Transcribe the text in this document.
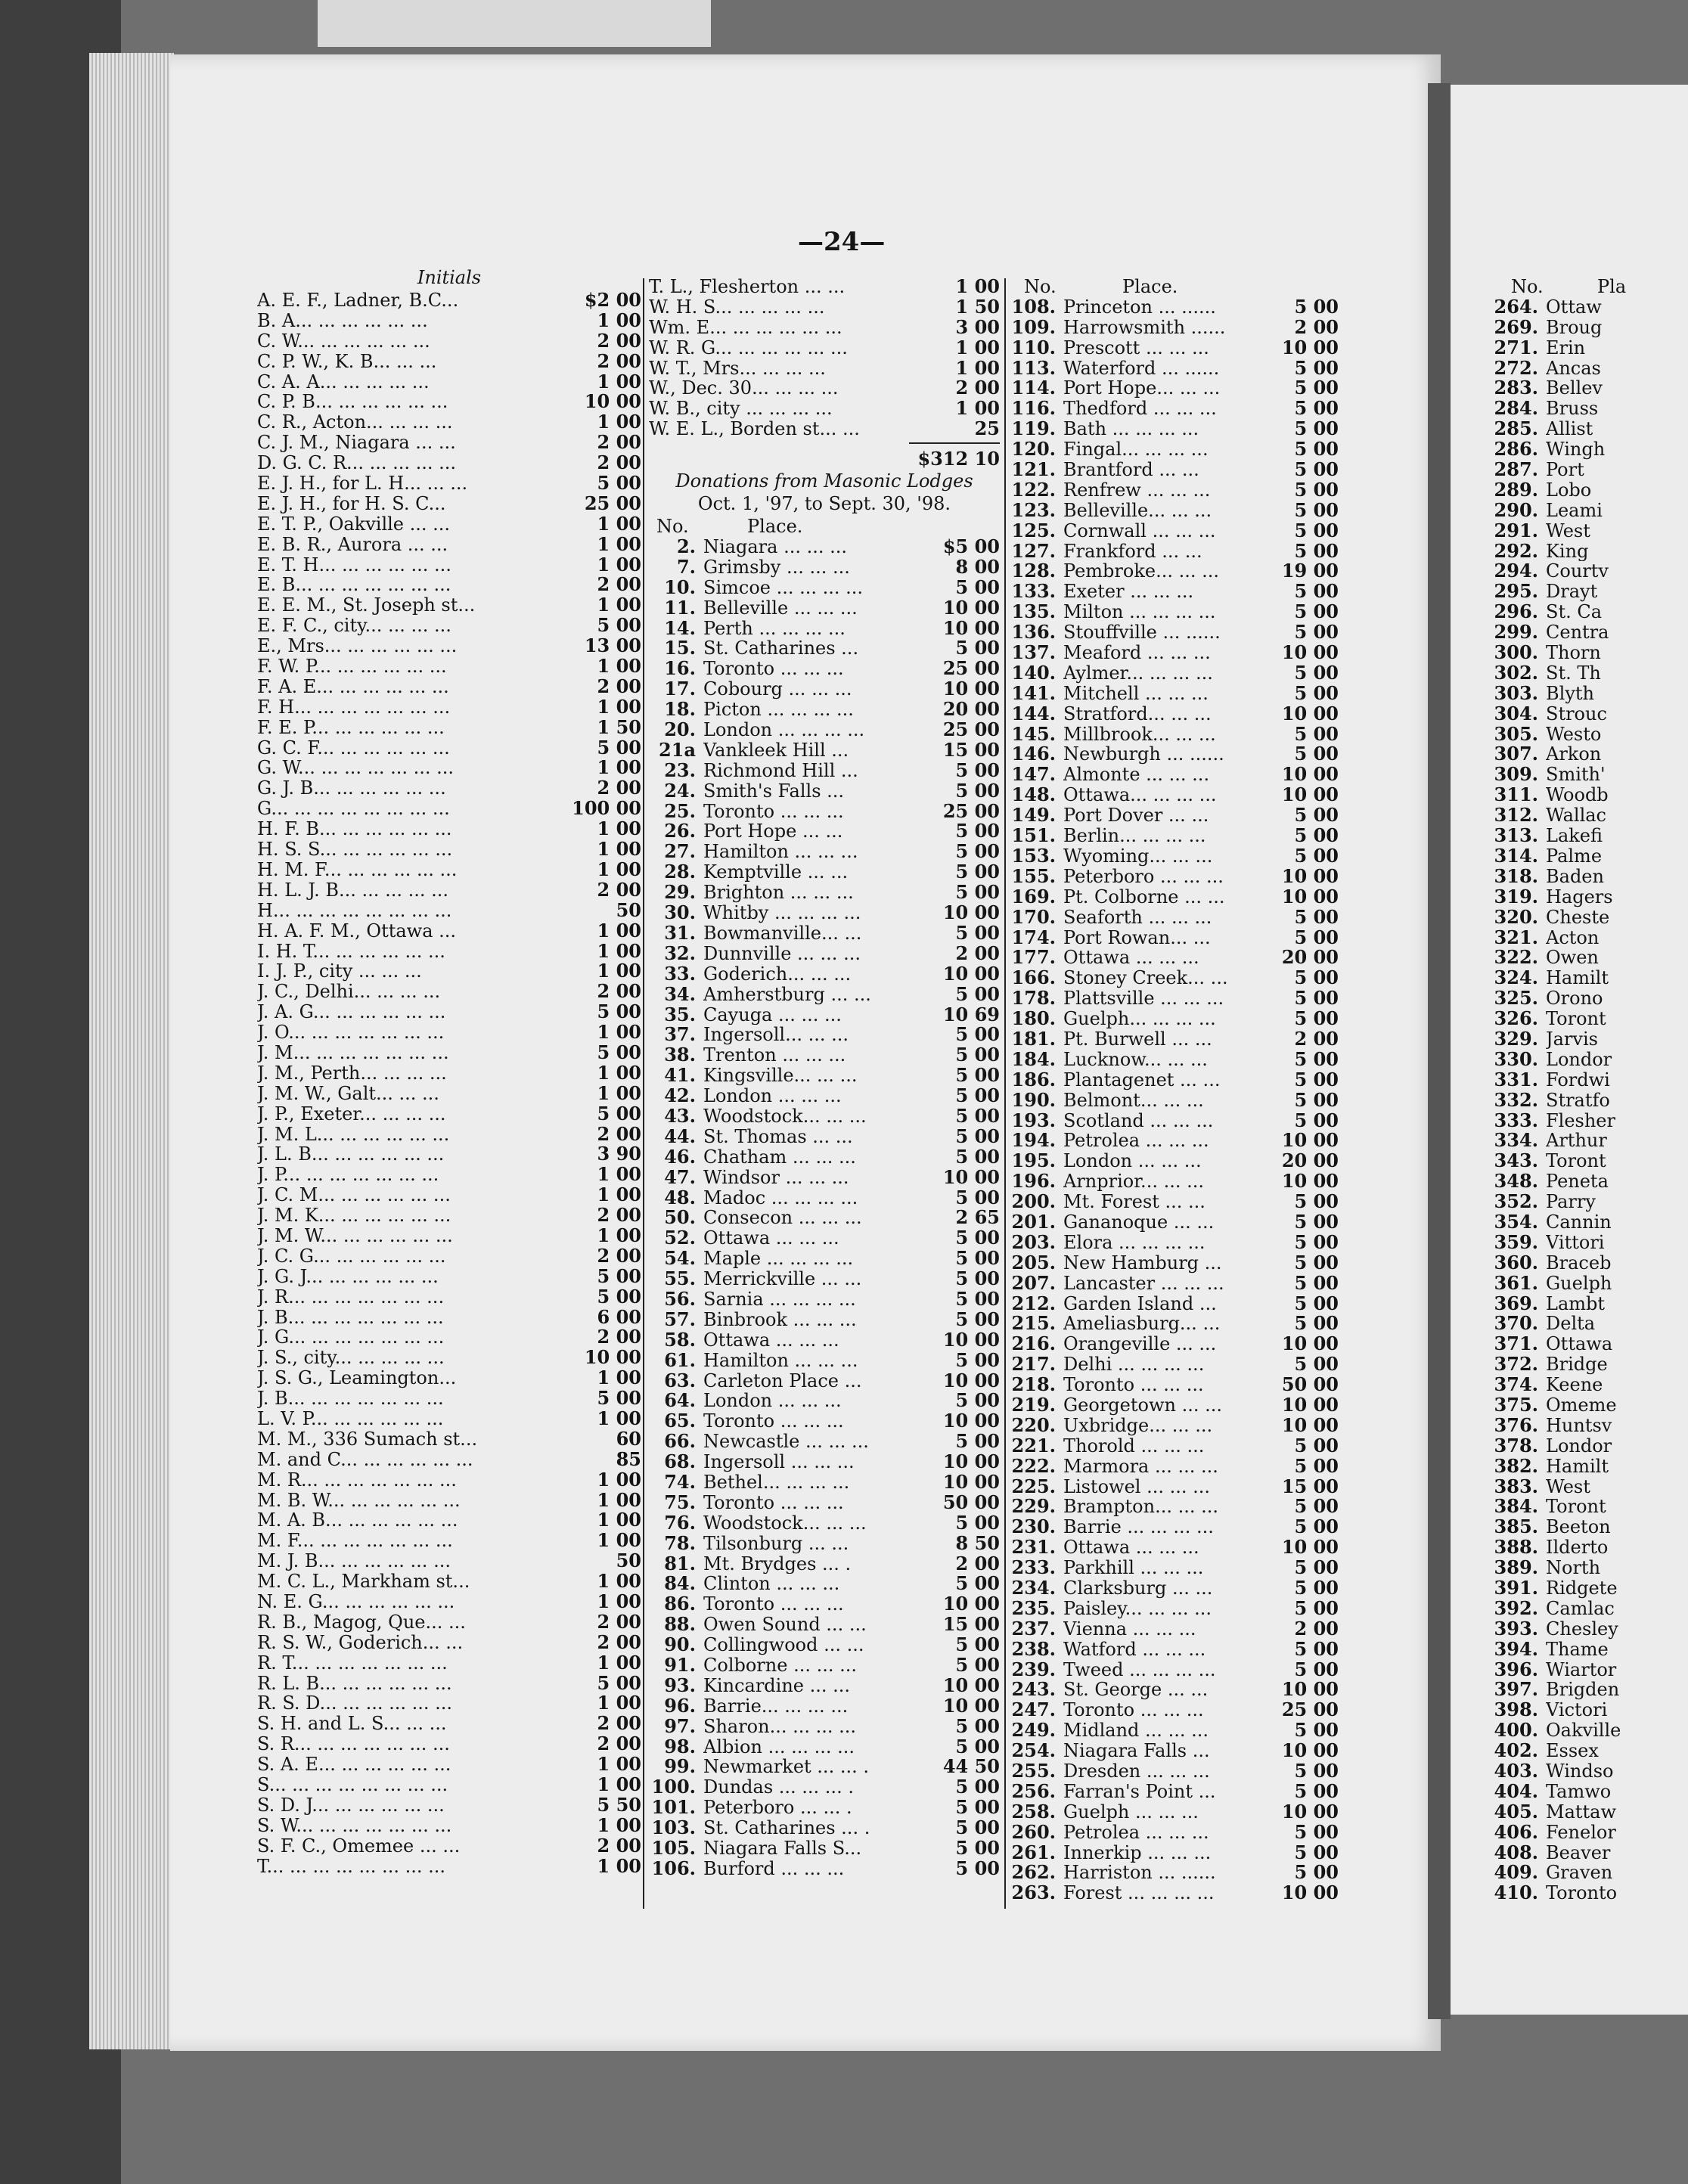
—24—
Initials
A. E. F., Ladner, B.C...	$2 00
B. A... ... ... ... ... ...	1 00
C. W... ... ... ... ... ...	2 00
C. P. W., K. B... ... ...	2 00
C. A. A... ... ... ... ...	1 00
C. P. B... ... ... ... ... ...	10 00
C. R., Acton... ... ... ...	1 00
C. J. M., Niagara ... ...	2 00
D. G. C. R... ... ... ... ...	2 00
E. J. H., for L. H... ... ...	5 00
E. J. H., for H. S. C...	25 00
E. T. P., Oakville ... ...	1 00
E. B. R., Aurora ... ...	1 00
E. T. H... ... ... ... ... ...	1 00
E. B... ... ... ... ... ... ...	2 00
E. E. M., St. Joseph st...	1 00
E. F. C., city... ... ... ...	5 00
E., Mrs... ... ... ... ... ...	13 00
F. W. P... ... ... ... ... ...	1 00
F. A. E... ... ... ... ... ...	2 00
F. H... ... ... ... ... ... ...	1 00
F. E. P... ... ... ... ... ...	1 50
G. C. F... ... ... ... ... ...	5 00
G. W... ... ... ... ... ... ...	1 00
G. J. B... ... ... ... ... ...	2 00
G... ... ... ... ... ... ... ...	100 00
H. F. B... ... ... ... ... ...	1 00
H. S. S... ... ... ... ... ...	1 00
H. M. F... ... ... ... ... ...	1 00
H. L. J. B... ... ... ... ...	2 00
H... ... ... ... ... ... ... ...	50
H. A. F. M., Ottawa ...	1 00
I. H. T... ... ... ... ... ...	1 00
I. J. P., city ... ... ...	1 00
J. C., Delhi... ... ... ...	2 00
J. A. G... ... ... ... ... ...	5 00
J. O... ... ... ... ... ... ...	1 00
J. M... ... ... ... ... ... ...	5 00
J. M., Perth... ... ... ...	1 00
J. M. W., Galt... ... ...	1 00
J. P., Exeter... ... ... ...	5 00
J. M. L... ... ... ... ... ...	2 00
J. L. B... ... ... ... ... ...	3 90
J. P... ... ... ... ... ... ...	1 00
J. C. M... ... ... ... ... ...	1 00
J. M. K... ... ... ... ... ...	2 00
J. M. W... ... ... ... ... ...	1 00
J. C. G... ... ... ... ... ...	2 00
J. G. J... ... ... ... ... ...	5 00
J. R... ... ... ... ... ... ...	5 00
J. B... ... ... ... ... ... ...	6 00
J. G... ... ... ... ... ... ...	2 00
J. S., city... ... ... ... ...	10 00
J. S. G., Leamington...	1 00
J. B... ... ... ... ... ... ...	5 00
L. V. P... ... ... ... ... ...	1 00
M. M., 336 Sumach st...	60
M. and C... ... ... ... ... ...	85
M. R... ... ... ... ... ... ...	1 00
M. B. W... ... ... ... ... ...	1 00
M. A. B... ... ... ... ... ...	1 00
M. F... ... ... ... ... ... ...	1 00
M. J. B... ... ... ... ... ...	50
M. C. L., Markham st...	1 00
N. E. G... ... ... ... ... ...	1 00
R. B., Magog, Que... ...	2 00
R. S. W., Goderich... ...	2 00
R. T... ... ... ... ... ... ...	1 00
R. L. B... ... ... ... ... ...	5 00
R. S. D... ... ... ... ... ...	1 00
S. H. and L. S... ... ...	2 00
S. R... ... ... ... ... ... ...	2 00
S. A. E... ... ... ... ... ...	1 00
S... ... ... ... ... ... ... ...	1 00
S. D. J... ... ... ... ... ...	5 50
S. W... ... ... ... ... ... ...	1 00
S. F. C., Omemee ... ...	2 00
T... ... ... ... ... ... ... ...	1 00
T. L., Flesherton ... ...	1 00
W. H. S... ... ... ... ...	1 50
Wm. E... ... ... ... ... ...	3 00
W. R. G... ... ... ... ... ...	1 00
W. T., Mrs... ... ... ...	1 00
W., Dec. 30... ... ... ...	2 00
W. B., city ... ... ... ...	1 00
W. E. L., Borden st... ...	25
$312 10
Donations from Masonic Lodges
Oct. 1, '97, to Sept. 30, '98.
No.	Place.
2. Niagara ... ... ...	$5 00
7. Grimsby ... ... ...	8 00
10. Simcoe ... ... ... ...	5 00
11. Belleville ... ... ...	10 00
14. Perth ... ... ... ...	10 00
15. St. Catharines ...	5 00
16. Toronto ... ... ...	25 00
17. Cobourg ... ... ...	10 00
18. Picton ... ... ... ...	20 00
20. London ... ... ... ...	25 00
21a Vankleek Hill ...	15 00
23. Richmond Hill ...	5 00
24. Smith's Falls ...	5 00
25. Toronto ... ... ...	25 00
26. Port Hope ... ...	5 00
27. Hamilton ... ... ...	5 00
28. Kemptville ... ...	5 00
29. Brighton ... ... ...	5 00
30. Whitby ... ... ... ...	10 00
31. Bowmanville... ...	5 00
32. Dunnville ... ... ...	2 00
33. Goderich... ... ...	10 00
34. Amherstburg ... ...	5 00
35. Cayuga ... ... ...	10 69
37. Ingersoll... ... ...	5 00
38. Trenton ... ... ...	5 00
41. Kingsville... ... ...	5 00
42. London ... ... ...	5 00
43. Woodstock... ... ...	5 00
44. St. Thomas ... ...	5 00
46. Chatham ... ... ...	5 00
47. Windsor ... ... ...	10 00
48. Madoc ... ... ... ...	5 00
50. Consecon ... ... ...	2 65
52. Ottawa ... ... ...	5 00
54. Maple ... ... ... ...	5 00
55. Merrickville ... ...	5 00
56. Sarnia ... ... ... ...	5 00
57. Binbrook ... ... ...	5 00
58. Ottawa ... ... ...	10 00
61. Hamilton ... ... ...	5 00
63. Carleton Place ...	10 00
64. London ... ... ...	5 00
65. Toronto ... ... ...	10 00
66. Newcastle ... ... ...	5 00
68. Ingersoll ... ... ...	10 00
74. Bethel... ... ... ...	10 00
75. Toronto ... ... ...	50 00
76. Woodstock... ... ...	5 00
78. Tilsonburg ... ...	8 50
81. Mt. Brydges ... .	2 00
84. Clinton ... ... ...	5 00
86. Toronto ... ... ...	10 00
88. Owen Sound ... ...	15 00
90. Collingwood ... ...	5 00
91. Colborne ... ... ...	5 00
93. Kincardine ... ...	10 00
96. Barrie... ... ... ...	10 00
97. Sharon... ... ... ...	5 00
98. Albion ... ... ... ...	5 00
99. Newmarket ... ... .	44 50
100. Dundas ... ... ... .	5 00
101. Peterboro ... ... .	5 00
103. St. Catharines ... .	5 00
105. Niagara Falls S...	5 00
106. Burford ... ... ...	5 00
No.	Place.
108. Princeton ... ......	5 00
109. Harrowsmith ......	2 00
110. Prescott ... ... ...	10 00
113. Waterford ... ......	5 00
114. Port Hope... ... ...	5 00
116. Thedford ... ... ...	5 00
119. Bath ... ... ... ...	5 00
120. Fingal... ... ... ...	5 00
121. Brantford ... ...	5 00
122. Renfrew ... ... ...	5 00
123. Belleville... ... ...	5 00
125. Cornwall ... ... ...	5 00
127. Frankford ... ...	5 00
128. Pembroke... ... ...	19 00
133. Exeter ... ... ...	5 00
135. Milton ... ... ... ...	5 00
136. Stouffville ... ......	5 00
137. Meaford ... ... ...	10 00
140. Aylmer... ... ... ...	5 00
141. Mitchell ... ... ...	5 00
144. Stratford... ... ...	10 00
145. Millbrook... ... ...	5 00
146. Newburgh ... ......	5 00
147. Almonte ... ... ...	10 00
148. Ottawa... ... ... ...	10 00
149. Port Dover ... ...	5 00
151. Berlin... ... ... ...	5 00
153. Wyoming... ... ...	5 00
155. Peterboro ... ... ...	10 00
169. Pt. Colborne ... ...	10 00
170. Seaforth ... ... ...	5 00
174. Port Rowan... ...	5 00
177. Ottawa ... ... ...	20 00
166. Stoney Creek... ...	5 00
178. Plattsville ... ... ...	5 00
180. Guelph... ... ... ...	5 00
181. Pt. Burwell ... ...	2 00
184. Lucknow... ... ...	5 00
186. Plantagenet ... ...	5 00
190. Belmont... ... ...	5 00
193. Scotland ... ... ...	5 00
194. Petrolea ... ... ...	10 00
195. London ... ... ...	20 00
196. Arnprior... ... ...	10 00
200. Mt. Forest ... ...	5 00
201. Gananoque ... ...	5 00
203. Elora ... ... ... ...	5 00
205. New Hamburg ...	5 00
207. Lancaster ... ... ...	5 00
212. Garden Island ...	5 00
215. Ameliasburg... ...	5 00
216. Orangeville ... ...	10 00
217. Delhi ... ... ... ...	5 00
218. Toronto ... ... ...	50 00
219. Georgetown ... ...	10 00
220. Uxbridge... ... ...	10 00
221. Thorold ... ... ...	5 00
222. Marmora ... ... ...	5 00
225. Listowel ... ... ...	15 00
229. Brampton... ... ...	5 00
230. Barrie ... ... ... ...	5 00
231. Ottawa ... ... ...	10 00
233. Parkhill ... ... ...	5 00
234. Clarksburg ... ...	5 00
235. Paisley... ... ... ...	5 00
237. Vienna ... ... ...	2 00
238. Watford ... ... ...	5 00
239. Tweed ... ... ... ...	5 00
243. St. George ... ...	10 00
247. Toronto ... ... ...	25 00
249. Midland ... ... ...	5 00
254. Niagara Falls ...	10 00
255. Dresden ... ... ...	5 00
256. Farran's Point ...	5 00
258. Guelph ... ... ...	10 00
260. Petrolea ... ... ...	5 00
261. Innerkip ... ... ...	5 00
262. Harriston ... ......	5 00
263. Forest ... ... ... ...	10 00
No.	Pla
264. Ottaw
269. Broug
271. Erin
272. Ancas
283. Bellev
284. Bruss
285. Allist
286. Wingh
287. Port
289. Lobo
290. Leami
291. West
292. King
294. Courtv
295. Drayt
296. St. Ca
299. Centra
300. Thorn
302. St. Th
303. Blyth
304. Strouc
305. Westo
307. Arkon
309. Smith'
311. Woodb
312. Wallac
313. Lakefi
314. Palme
318. Baden
319. Hagers
320. Cheste
321. Acton
322. Owen
324. Hamilt
325. Orono
326. Toront
329. Jarvis
330. Londor
331. Fordwi
332. Stratfo
333. Flesher
334. Arthur
343. Toront
348. Peneta
352. Parry
354. Cannin
359. Vittori
360. Braceb
361. Guelph
369. Lambt
370. Delta
371. Ottawa
372. Bridge
374. Keene
375. Omeme
376. Huntsv
378. Londor
382. Hamilt
383. West
384. Toront
385. Beeton
388. Ilderto
389. North
391. Ridgete
392. Camlac
393. Chesley
394. Thame
396. Wiartor
397. Brigden
398. Victori
400. Oakville
402. Essex
403. Windso
404. Tamwo
405. Mattaw
406. Fenelor
408. Beaver
409. Graven
410. Toronto
